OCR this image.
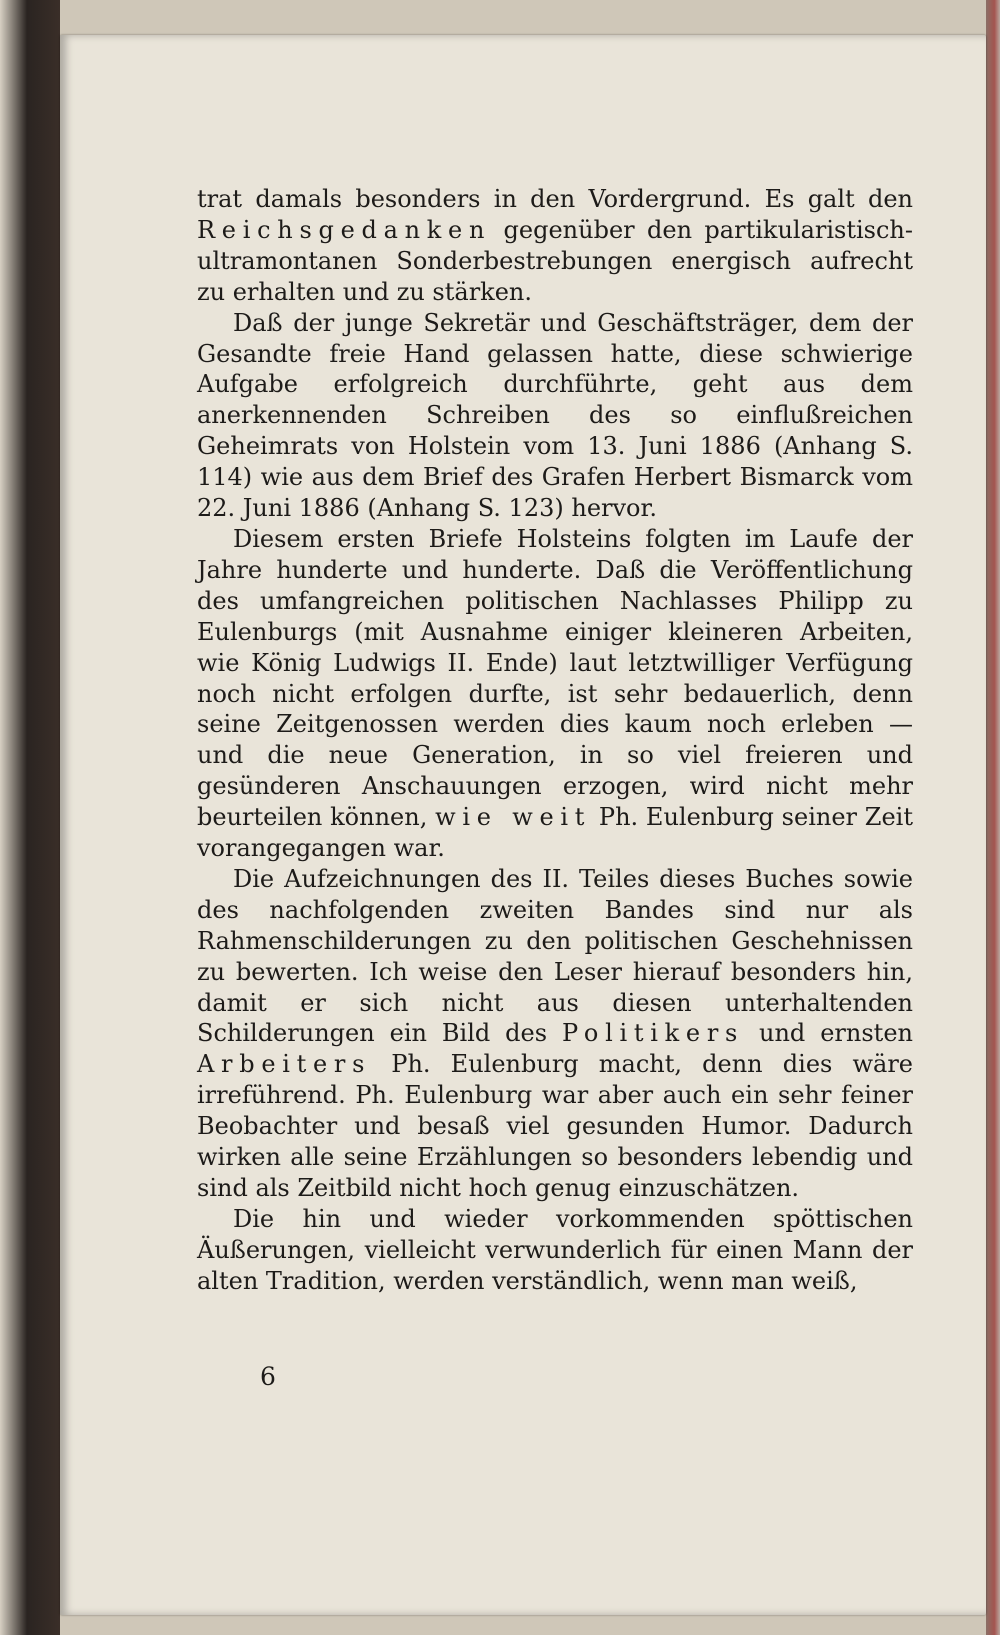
trat damals besonders in den Vordergrund. Es galt den Reichsgedanken gegenüber den partikularistisch-ultramontanen Sonderbestrebungen energisch aufrecht zu erhalten und zu stärken.

Daß der junge Sekretär und Geschäftsträger, dem der Gesandte freie Hand gelassen hatte, diese schwierige Aufgabe erfolgreich durchführte, geht aus dem anerkennenden Schreiben des so einflußreichen Geheimrats von Holstein vom 13. Juni 1886 (Anhang S. 114) wie aus dem Brief des Grafen Herbert Bismarck vom 22. Juni 1886 (Anhang S. 123) hervor.

Diesem ersten Briefe Holsteins folgten im Laufe der Jahre hunderte und hunderte. Daß die Veröffentlichung des umfangreichen politischen Nachlasses Philipp zu Eulenburgs (mit Ausnahme einiger kleineren Arbeiten, wie König Ludwigs II. Ende) laut letztwilliger Verfügung noch nicht erfolgen durfte, ist sehr bedauerlich, denn seine Zeitgenossen werden dies kaum noch erleben — und die neue Generation, in so viel freieren und gesünderen Anschauungen erzogen, wird nicht mehr beurteilen können, wie weit Ph. Eulenburg seiner Zeit vorangegangen war.

Die Aufzeichnungen des II. Teiles dieses Buches sowie des nachfolgenden zweiten Bandes sind nur als Rahmenschilderungen zu den politischen Geschehnissen zu bewerten. Ich weise den Leser hierauf besonders hin, damit er sich nicht aus diesen unterhaltenden Schilderungen ein Bild des Politikers und ernsten Arbeiters Ph. Eulenburg macht, denn dies wäre irreführend. Ph. Eulenburg war aber auch ein sehr feiner Beobachter und besaß viel gesunden Humor. Dadurch wirken alle seine Erzählungen so besonders lebendig und sind als Zeitbild nicht hoch genug einzuschätzen.

Die hin und wieder vorkommenden spöttischen Äußerungen, vielleicht verwunderlich für einen Mann der alten Tradition, werden verständlich, wenn man weiß,

6
